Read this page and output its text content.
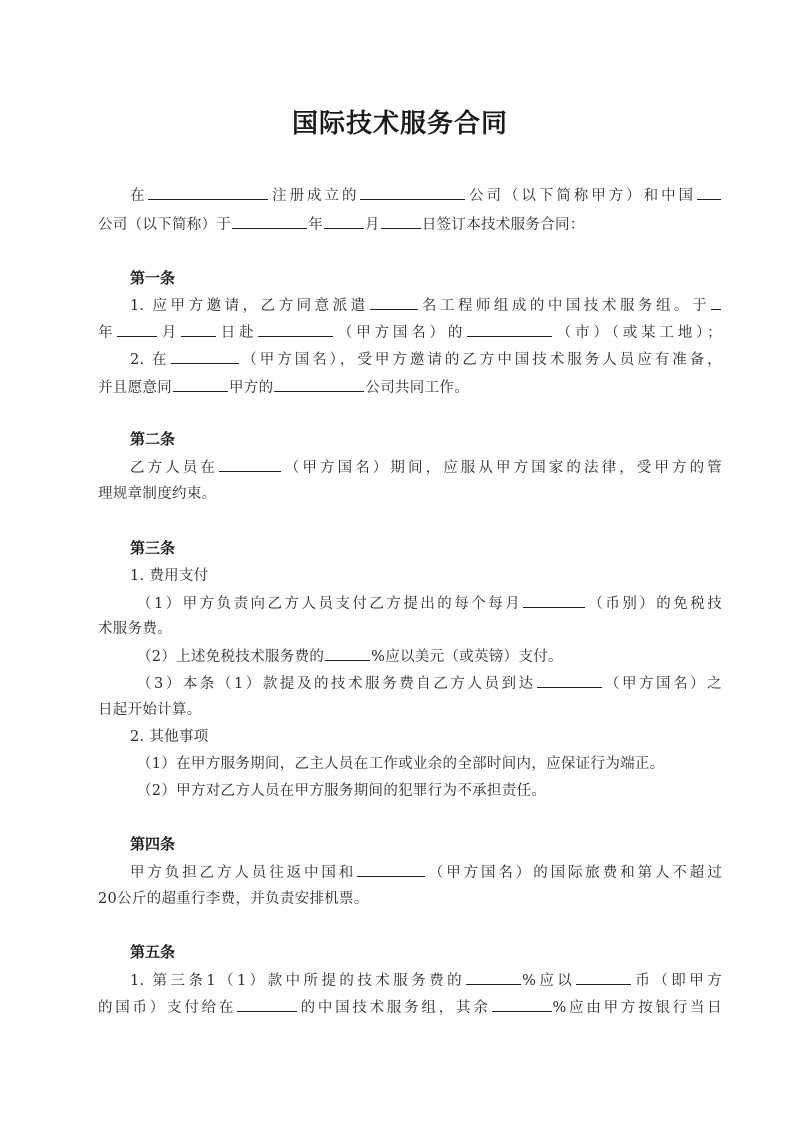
国际技术服务合同
在	注册成立的	公司（以下简称甲方）和中国
公司（以下简称）于	年	月	日签订本技术服务合同：
第一条
1. 应甲方邀请，乙方同意派遣	名工程师组成的中国技术服务组。于
年	月	日赴	（甲方国名）的	（市）（或某工地）；
2. 在	（甲方国名），受甲方邀请的乙方中国技术服务人员应有准备，
并且愿意同	甲方的	公司共同工作。
第二条
乙方人员在	（甲方国名）期间，应服从甲方国家的法律，受甲方的管
理规章制度约束。
第三条
1. 费用支付
（1）甲方负责向乙方人员支付乙方提出的每个每月	（币别）的免税技
术服务费。
（2）上述免税技术服务费的	%应以美元（或英镑）支付。
（3）本条（1）款提及的技术服务费自乙方人员到达	（甲方国名）之
日起开始计算。
2. 其他事项
（1）在甲方服务期间，乙主人员在工作或业余的全部时间内，应保证行为端正。
（2）甲方对乙方人员在甲方服务期间的犯罪行为不承担责任。
第四条
甲方负担乙方人员往返中国和	（甲方国名）的国际旅费和第人不超过
20公斤的超重行李费，并负责安排机票。
第五条
1. 第三条1（1）款中所提的技术服务费的	%应以	币（即甲方
的国币）支付给在	的中国技术服务组，其余	%应由甲方按银行当日
